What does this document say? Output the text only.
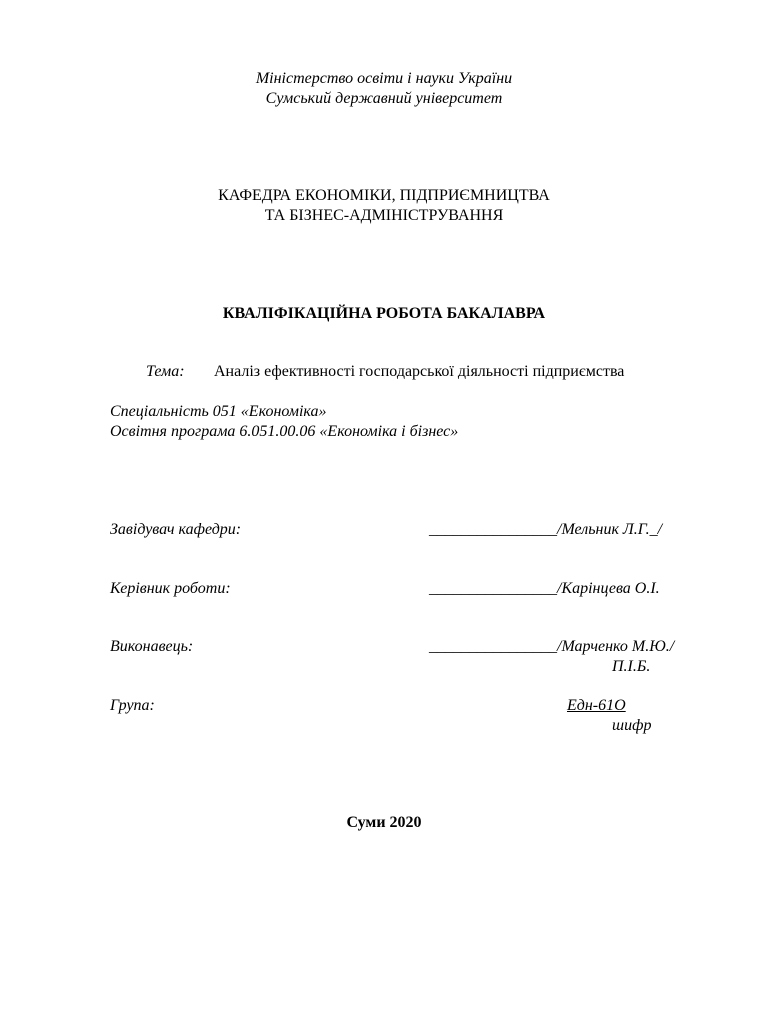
Міністерство освіти і науки України
Сумський державний університет
КАФЕДРА ЕКОНОМІКИ, ПІДПРИЄМНИЦТВА
ТА БІЗНЕС-АДМІНІСТРУВАННЯ
КВАЛІФІКАЦІЙНА РОБОТА БАКАЛАВРА
Тема: Аналіз ефективності господарської діяльності підприємства
Спеціальність 051 «Економіка»
Освітня програма 6.051.00.06 «Економіка і бізнес»
Завідувач кафедри:	________________/Мельник Л.Г._/
Керівник роботи:	________________/Карінцева О.І.
Виконавець:	________________/Марченко М.Ю./
П.І.Б.
Група:	Едн-61О
шифр
Суми 2020
